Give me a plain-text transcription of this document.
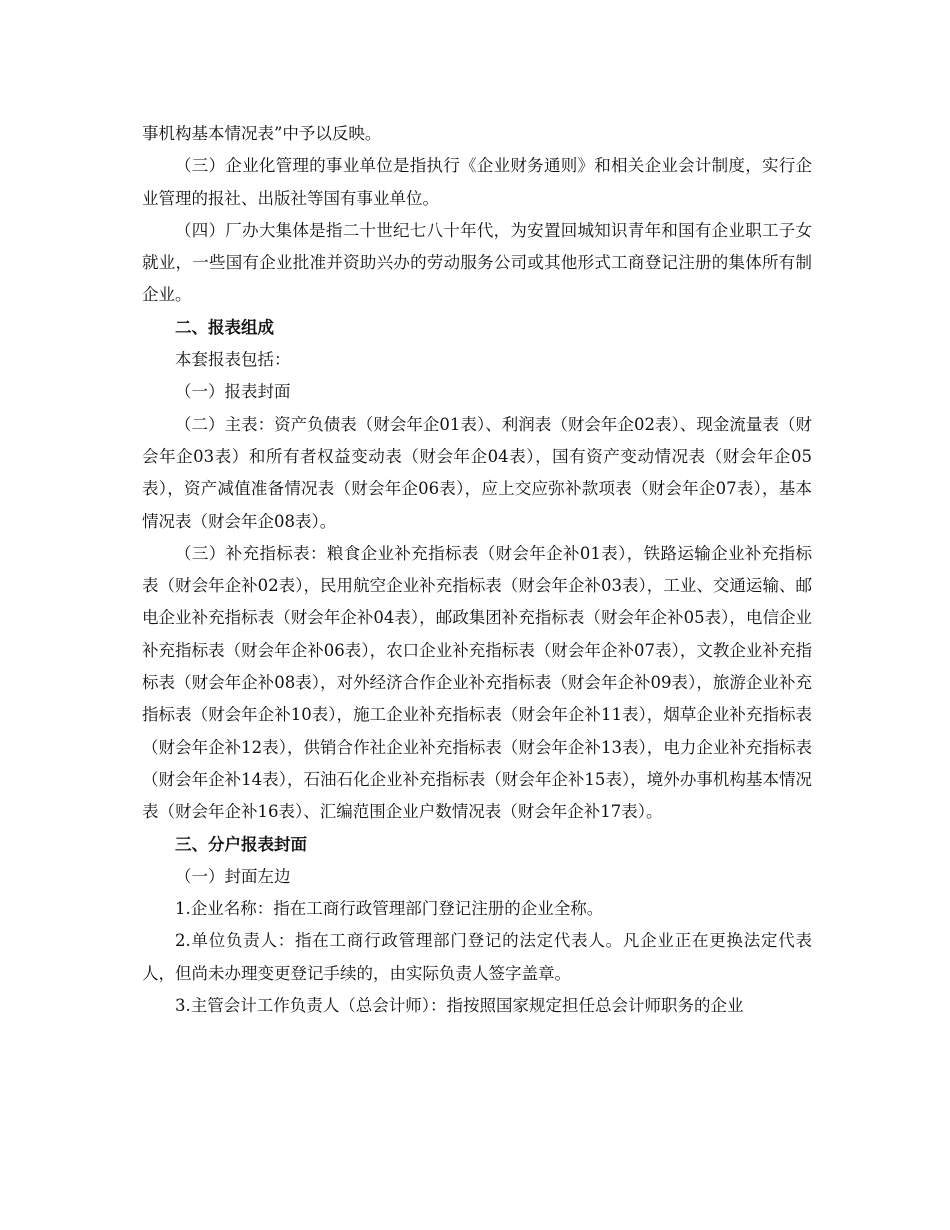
事机构基本情况表”中予以反映。

（三）企业化管理的事业单位是指执行《企业财务通则》和相关企业会计制度，实行企业管理的报社、出版社等国有事业单位。

（四）厂办大集体是指二十世纪七八十年代，为安置回城知识青年和国有企业职工子女就业，一些国有企业批准并资助兴办的劳动服务公司或其他形式工商登记注册的集体所有制企业。

二、报表组成

本套报表包括：

（一）报表封面

（二）主表：资产负债表（财会年企01表）、利润表（财会年企02表）、现金流量表（财会年企03表）和所有者权益变动表（财会年企04表），国有资产变动情况表（财会年企05表），资产减值准备情况表（财会年企06表），应上交应弥补款项表（财会年企07表），基本情况表（财会年企08表）。

（三）补充指标表：粮食企业补充指标表（财会年企补01表），铁路运输企业补充指标表（财会年企补02表），民用航空企业补充指标表（财会年企补03表），工业、交通运输、邮电企业补充指标表（财会年企补04表），邮政集团补充指标表（财会年企补05表），电信企业补充指标表（财会年企补06表），农口企业补充指标表（财会年企补07表），文教企业补充指标表（财会年企补08表），对外经济合作企业补充指标表（财会年企补09表），旅游企业补充指标表（财会年企补10表），施工企业补充指标表（财会年企补11表），烟草企业补充指标表（财会年企补12表），供销合作社企业补充指标表（财会年企补13表），电力企业补充指标表（财会年企补14表），石油石化企业补充指标表（财会年企补15表），境外办事机构基本情况表（财会年企补16表）、汇编范围企业户数情况表（财会年企补17表）。

三、分户报表封面

（一）封面左边

1.企业名称：指在工商行政管理部门登记注册的企业全称。

2.单位负责人：指在工商行政管理部门登记的法定代表人。凡企业正在更换法定代表人，但尚未办理变更登记手续的，由实际负责人签字盖章。

3.主管会计工作负责人（总会计师）：指按照国家规定担任总会计师职务的企业
